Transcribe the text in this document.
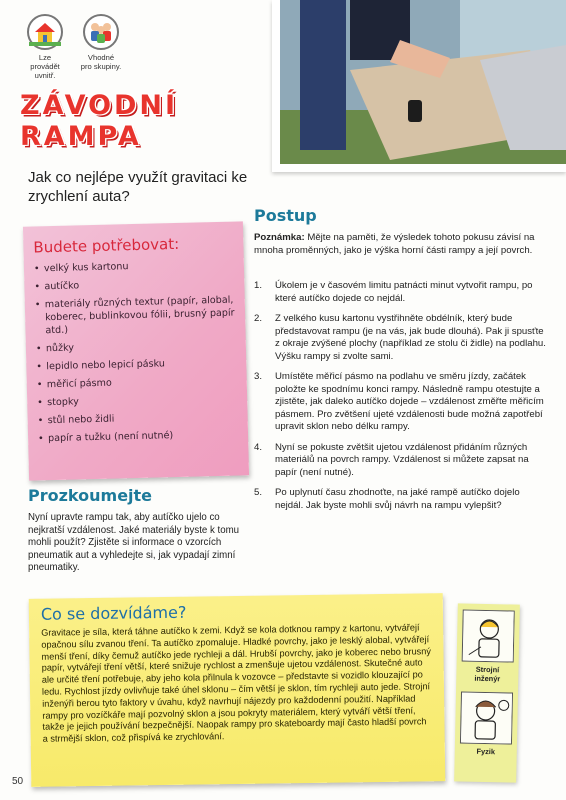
Lze
provádět
uvnitř.
Vhodné
pro skupiny.
ZÁVODNÍ
RAMPA
Jak co nejlépe využít gravitaci ke zrychlení auta?
Budete potřebovat:
• velký kus kartonu
• autíčko
• materiály různých textur (papír, alobal, koberec, bublinkovou fólii, brusný papír atd.)
• nůžky
• lepidlo nebo lepicí pásku
• měřicí pásmo
• stopky
• stůl nebo židli
• papír a tužku (není nutné)
Prozkoumejte

Nyní upravte rampu tak, aby autíčko ujelo co nejkratší vzdálenost. Jaké materiály byste k tomu mohli použít? Zjistěte si informace o vzorcích pneumatik aut a vyhledejte si, jak vypadají zimní pneumatiky.

Postup

Poznámka: Mějte na paměti, že výsledek tohoto pokusu závisí na mnoha proměnných, jako je výška horní části rampy a její povrch.

1. Úkolem je v časovém limitu patnácti minut vytvořit rampu, po které autíčko dojede co nejdál.
2. Z velkého kusu kartonu vystřihněte obdélník, který bude představovat rampu (je na vás, jak bude dlouhá). Pak ji spusťte z okraje zvýšené plochy (například ze stolu či židle) na podlahu. Výšku rampy si zvolte sami.
3. Umístěte měřicí pásmo na podlahu ve směru jízdy, začátek položte ke spodnímu konci rampy. Následně rampu otestujte a zjistěte, jak daleko autíčko dojede – vzdálenost změřte měřicím pásmem. Pro zvětšení ujeté vzdálenosti bude možná zapotřebí upravit sklon nebo délku rampy.
4. Nyní se pokuste zvětšit ujetou vzdálenost přidáním různých materiálů na povrch rampy. Vzdálenost si můžete zapsat na papír (není nutné).
5. Po uplynutí času zhodnoťte, na jaké rampě autíčko dojelo nejdál. Jak byste mohli svůj návrh na rampu vylepšit?
Co se dozvídáme?

Gravitace je síla, která táhne autíčko k zemi. Když se kola dotknou rampy z kartonu, vytvářejí opačnou sílu zvanou tření. Ta autíčko zpomaluje. Hladké povrchy, jako je lesklý alobal, vytvářejí menší tření, díky čemuž autíčko jede rychleji a dál. Hrubší povrchy, jako je koberec nebo brusný papír, vytvářejí tření větší, které snižuje rychlost a zmenšuje ujetou vzdálenost. Skutečné auto ale určité tření potřebuje, aby jeho kola přilnula k vozovce – představte si vozidlo klouzající po ledu. Rychlost jízdy ovlivňuje také úhel sklonu – čím větší je sklon, tím rychleji auto jede. Strojní inženýři berou tyto faktory v úvahu, když navrhují nájezdy pro každodenní použití. Například rampy pro vozíčkáře mají pozvolný sklon a jsou pokryty materiálem, který vytváří větší tření, takže je jejich používání bezpečnější. Naopak rampy pro skateboardy mají často hladší povrch a strmější sklon, což přispívá ke zrychlování.

Strojní
inženýr
Fyzik
50
